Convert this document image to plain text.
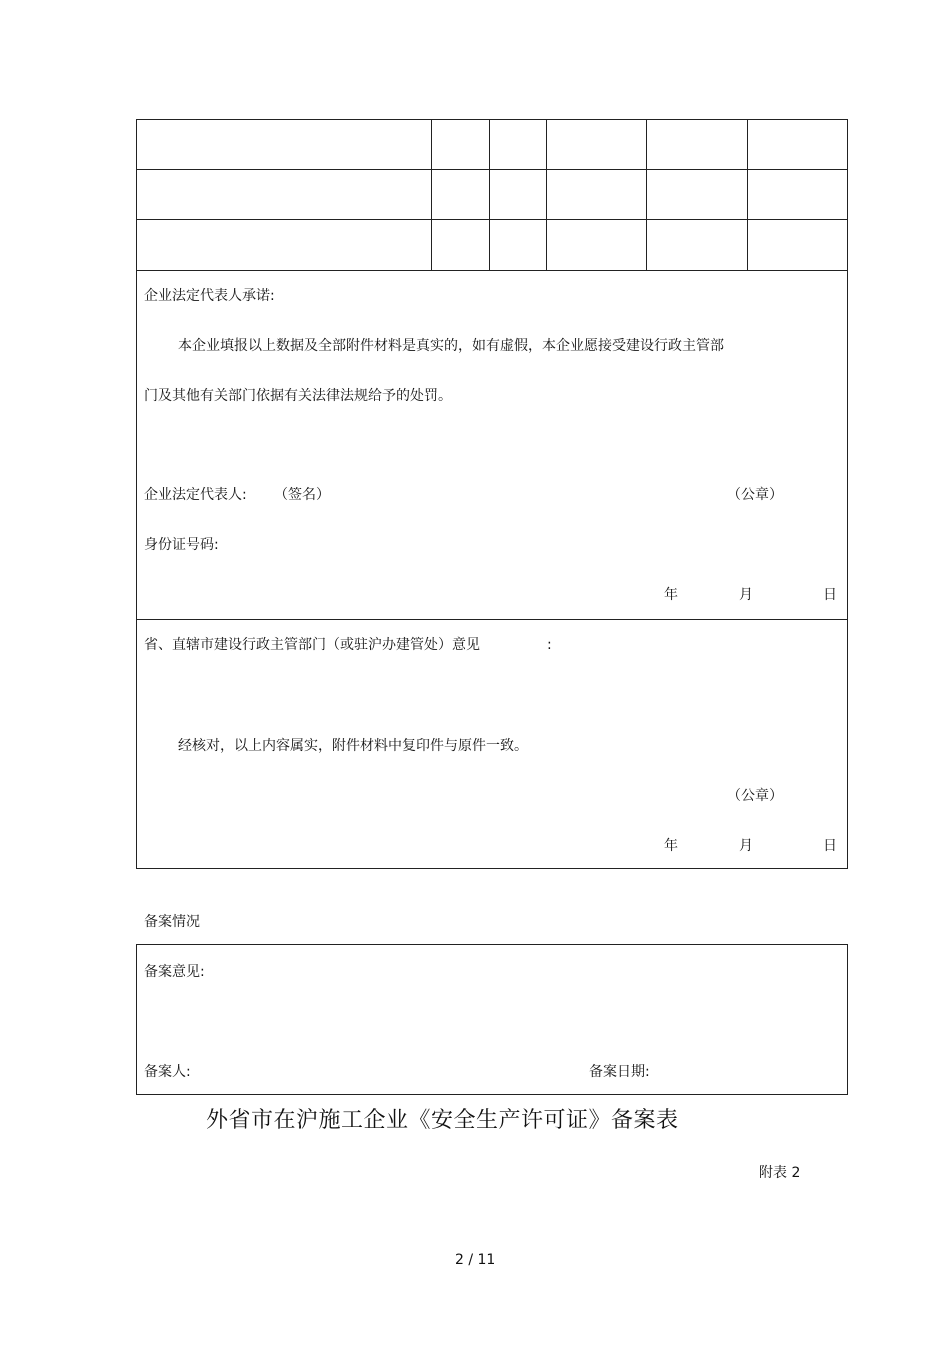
企业法定代表人承诺:
本企业填报以上数据及全部附件材料是真实的，如有虚假，本企业愿接受建设行政主管部
门及其他有关部门依据有关法律法规给予的处罚。
企业法定代表人: （签名）	（公章）
身份证号码:
年	月	日
省、直辖市建设行政主管部门（或驻沪办建管处）意见	:
经核对，以上内容属实，附件材料中复印件与原件一致。
（公章）
年	月	日
备案情况
备案意见:
备案人:	备案日期:
外省市在沪施工企业《安全生产许可证》备案表
附表 2
2 / 11
